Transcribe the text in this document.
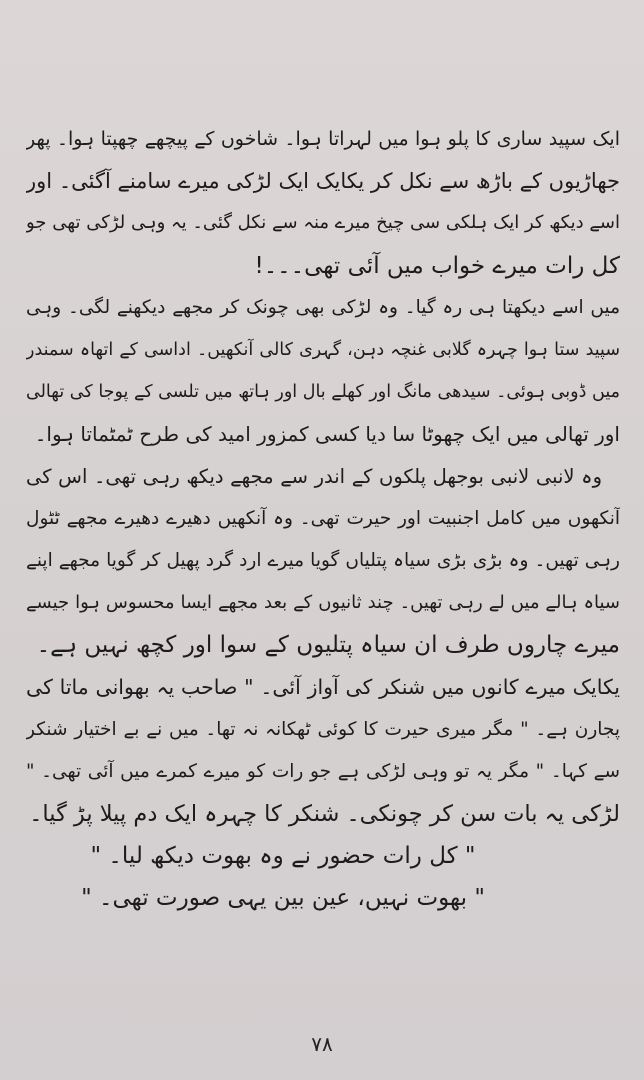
ایک سپید ساری کا پلو ہوا میں لہراتا ہوا۔ شاخوں کے پیچھے چھپتا ہوا۔ پھر
جھاڑیوں کے باڑھ سے نکل کر یکایک ایک لڑکی میرے سامنے آگئی۔ اور
اسے دیکھ کر ایک ہلکی سی چیخ میرے منہ سے نکل گئی۔ یہ وہی لڑکی تھی جو
کل رات میرے خواب میں آئی تھی۔۔۔!
میں اسے دیکھتا ہی رہ گیا۔ وہ لڑکی بھی چونک کر مجھے دیکھنے لگی۔ وہی
سپید ستا ہوا چہرہ گلابی غنچہ دہن، گہری کالی آنکھیں۔ اداسی کے اتھاہ سمندر
میں ڈوبی ہوئی۔ سیدھی مانگ اور کھلے بال اور ہاتھ میں تلسی کے پوجا کی تھالی
اور تھالی میں ایک چھوٹا سا دیا کسی کمزور امید کی طرح ٹمٹماتا ہوا۔
وہ لانبی لانبی بوجھل پلکوں کے اندر سے مجھے دیکھ رہی تھی۔ اس کی
آنکھوں میں کامل اجنبیت اور حیرت تھی۔ وہ آنکھیں دھیرے دھیرے مجھے ٹٹول
رہی تھیں۔ وہ بڑی بڑی سیاہ پتلیاں گویا میرے ارد گرد پھیل کر گویا مجھے اپنے
سیاہ ہالے میں لے رہی تھیں۔ چند ثانیوں کے بعد مجھے ایسا محسوس ہوا جیسے
میرے چاروں طرف ان سیاہ پتلیوں کے سوا اور کچھ نہیں ہے۔
یکایک میرے کانوں میں شنکر کی آواز آئی۔ " صاحب یہ بھوانی ماتا کی
پجارن ہے۔ " مگر میری حیرت کا کوئی ٹھکانہ نہ تھا۔ میں نے بے اختیار شنکر
سے کہا۔ " مگر یہ تو وہی لڑکی ہے جو رات کو میرے کمرے میں آئی تھی۔ "
لڑکی یہ بات سن کر چونکی۔ شنکر کا چہرہ ایک دم پیلا پڑ گیا۔
" کل رات حضور نے وہ بھوت دیکھ لیا۔ "
" بھوت نہیں، عین بین یہی صورت تھی۔ "
۷۸
